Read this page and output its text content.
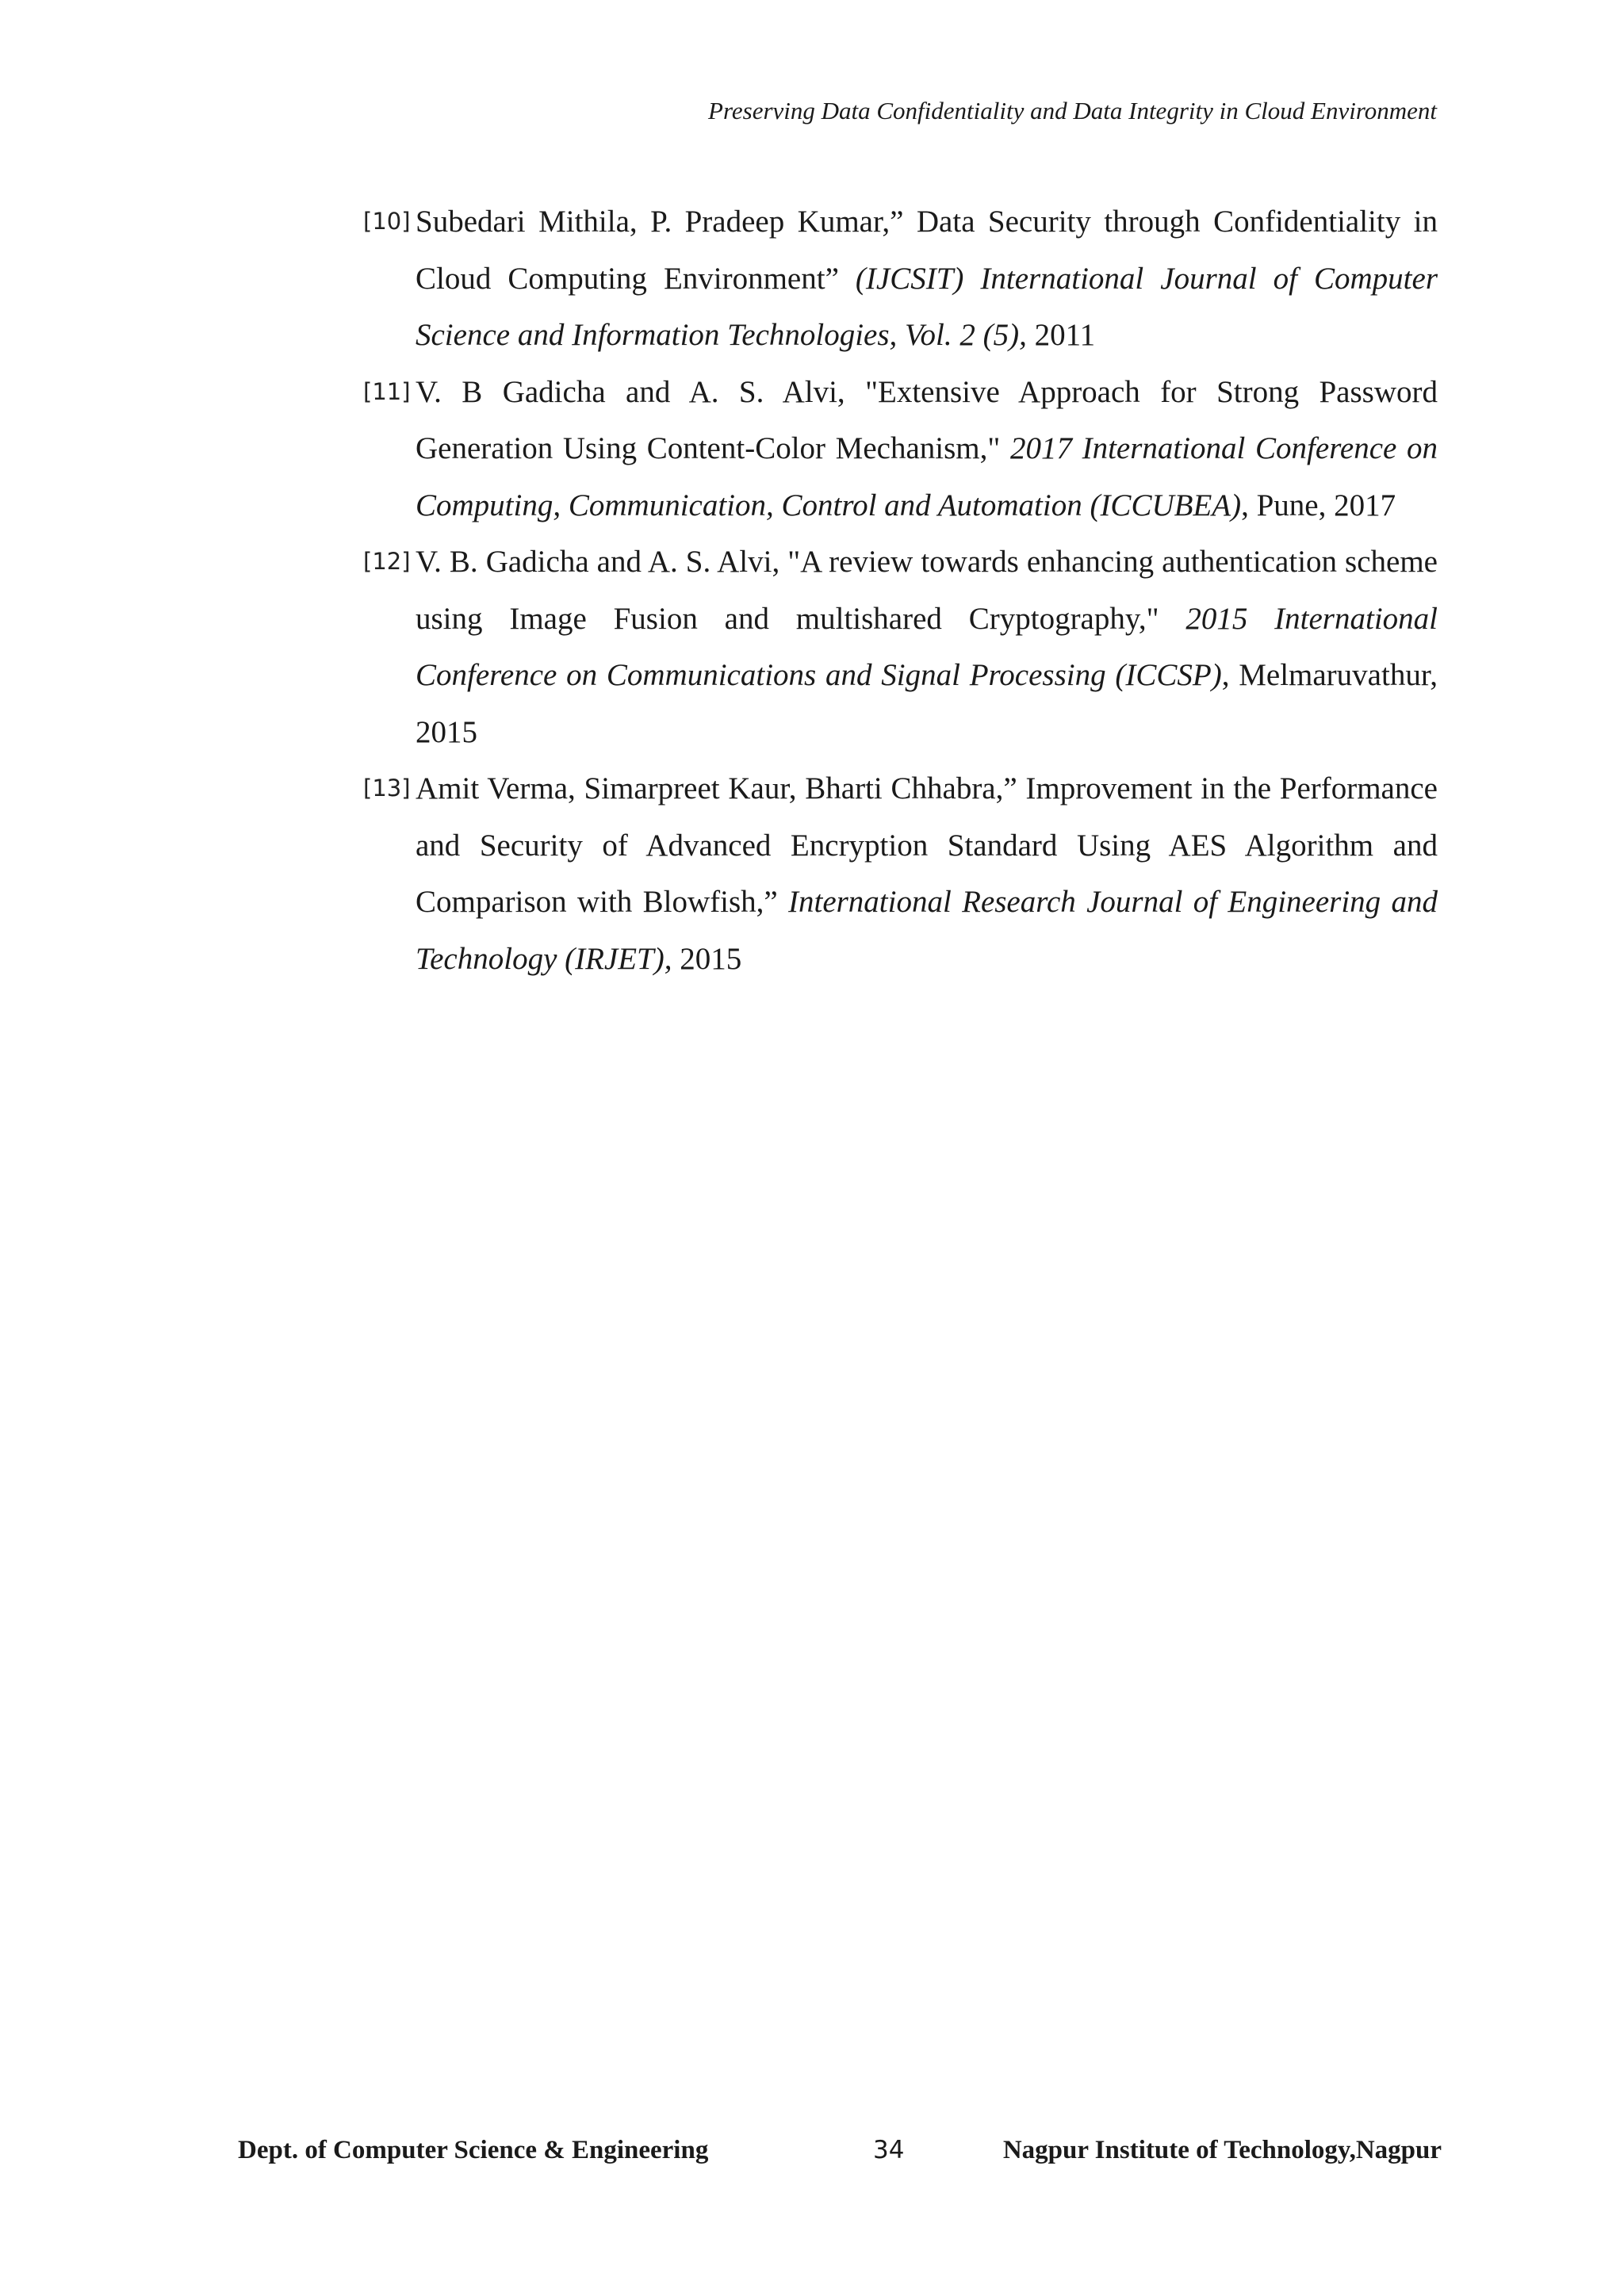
Preserving Data Confidentiality and Data Integrity in Cloud Environment
[10] Subedari Mithila, P. Pradeep Kumar,” Data Security through Confidentiality in Cloud Computing Environment” (IJCSIT) International Journal of Computer Science and Information Technologies, Vol. 2 (5), 2011
[11] V. B Gadicha and A. S. Alvi, "Extensive Approach for Strong Password Generation Using Content-Color Mechanism," 2017 International Conference on Computing, Communication, Control and Automation (ICCUBEA), Pune, 2017
[12] V. B. Gadicha and A. S. Alvi, "A review towards enhancing authentication scheme using Image Fusion and multishared Cryptography," 2015 International Conference on Communications and Signal Processing (ICCSP), Melmaruvathur, 2015
[13] Amit Verma, Simarpreet Kaur, Bharti Chhabra,” Improvement in the Performance and Security of Advanced Encryption Standard Using AES Algorithm and Comparison with Blowfish,” International Research Journal of Engineering and Technology (IRJET), 2015
Dept. of Computer Science & Engineering	34	Nagpur Institute of Technology,Nagpur
